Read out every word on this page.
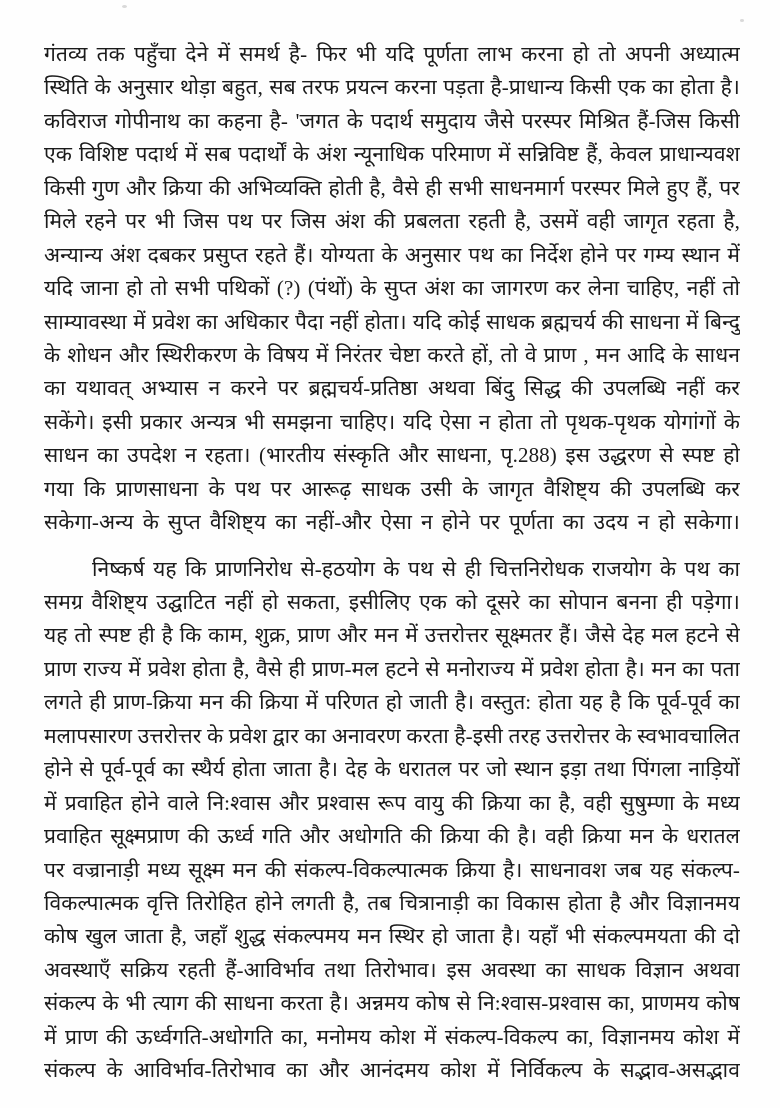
गंतव्य तक पहुँचा देने में समर्थ है- फिर भी यदि पूर्णता लाभ करना हो तो अपनी अध्यात्म
स्थिति के अनुसार थोड़ा बहुत, सब तरफ प्रयत्न करना पड़ता है-प्राधान्य किसी एक का होता है।
कविराज गोपीनाथ का कहना है- 'जगत के पदार्थ समुदाय जैसे परस्पर मिश्रित हैं-जिस किसी
एक विशिष्ट पदार्थ में सब पदार्थों के अंश न्यूनाधिक परिमाण में सन्निविष्ट हैं, केवल प्राधान्यवश
किसी गुण और क्रिया की अभिव्यक्ति होती है, वैसे ही सभी साधनमार्ग परस्पर मिले हुए हैं, पर
मिले रहने पर भी जिस पथ पर जिस अंश की प्रबलता रहती है, उसमें वही जागृत रहता है,
अन्यान्य अंश दबकर प्रसुप्त रहते हैं। योग्यता के अनुसार पथ का निर्देश होने पर गम्य स्थान में
यदि जाना हो तो सभी पथिकों (?) (पंथों) के सुप्त अंश का जागरण कर लेना चाहिए, नहीं तो
साम्यावस्था में प्रवेश का अधिकार पैदा नहीं होता। यदि कोई साधक ब्रह्मचर्य की साधना में बिन्दु
के शोधन और स्थिरीकरण के विषय में निरंतर चेष्टा करते हों, तो वे प्राण , मन आदि के साधन
का यथावत् अभ्यास न करने पर ब्रह्मचर्य-प्रतिष्ठा अथवा बिंदु सिद्ध की उपलब्धि नहीं कर
सकेंगे। इसी प्रकार अन्यत्र भी समझना चाहिए। यदि ऐसा न होता तो पृथक-पृथक योगांगों के
साधन का उपदेश न रहता। (भारतीय संस्कृति और साधना, पृ.288) इस उद्धरण से स्पष्ट हो
गया कि प्राणसाधना के पथ पर आरूढ़ साधक उसी के जागृत वैशिष्ट्य की उपलब्धि कर
सकेगा-अन्य के सुप्त वैशिष्ट्य का नहीं-और ऐसा न होने पर पूर्णता का उदय न हो सकेगा।
निष्कर्ष यह कि प्राणनिरोध से-हठयोग के पथ से ही चित्तनिरोधक राजयोग के पथ का
समग्र वैशिष्ट्य उद्घाटित नहीं हो सकता, इसीलिए एक को दूसरे का सोपान बनना ही पड़ेगा।
यह तो स्पष्ट ही है कि काम, शुक्र, प्राण और मन में उत्तरोत्तर सूक्ष्मतर हैं। जैसे देह मल हटने से
प्राण राज्य में प्रवेश होता है, वैसे ही प्राण-मल हटने से मनोराज्य में प्रवेश होता है। मन का पता
लगते ही प्राण-क्रिया मन की क्रिया में परिणत हो जाती है। वस्तुत: होता यह है कि पूर्व-पूर्व का
मलापसारण उत्तरोत्तर के प्रवेश द्वार का अनावरण करता है-इसी तरह उत्तरोत्तर के स्वभावचालित
होने से पूर्व-पूर्व का स्थैर्य होता जाता है। देह के धरातल पर जो स्थान इड़ा तथा पिंगला नाड़ियों
में प्रवाहित होने वाले नि:श्वास और प्रश्वास रूप वायु की क्रिया का है, वही सुषुम्णा के मध्य
प्रवाहित सूक्ष्मप्राण की ऊर्ध्व गति और अधोगति की क्रिया की है। वही क्रिया मन के धरातल
पर वज्रानाड़ी मध्य सूक्ष्म मन की संकल्प-विकल्पात्मक क्रिया है। साधनावश जब यह संकल्प-
विकल्पात्मक वृत्ति तिरोहित होने लगती है, तब चित्रानाड़ी का विकास होता है और विज्ञानमय
कोष खुल जाता है, जहाँ शुद्ध संकल्पमय मन स्थिर हो जाता है। यहाँ भी संकल्पमयता की दो
अवस्थाएँ सक्रिय रहती हैं-आविर्भाव तथा तिरोभाव। इस अवस्था का साधक विज्ञान अथवा
संकल्प के भी त्याग की साधना करता है। अन्नमय कोष से नि:श्वास-प्रश्वास का, प्राणमय कोष
में प्राण की ऊर्ध्वगति-अधोगति का, मनोमय कोश में संकल्प-विकल्प का, विज्ञानमय कोश में
संकल्प के आविर्भाव-तिरोभाव का और आनंदमय कोश में निर्विकल्प के सद्भाव-असद्भाव
